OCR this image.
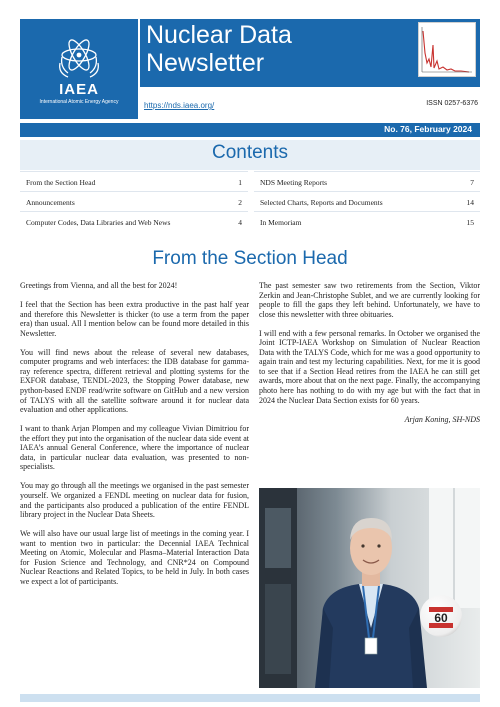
IAEA
International Atomic Energy Agency
Nuclear Data
Newsletter
https://nds.iaea.org/	ISSN 0257-6376
No. 76, February 2024
Contents
From the Section Head	1
Announcements	2
Computer Codes, Data Libraries and Web News	4
NDS Meeting Reports	7
Selected Charts, Reports and Documents	14
In Memoriam	15
From the Section Head

Greetings from Vienna, and all the best for 2024!

I feel that the Section has been extra productive in the past half year and therefore this Newsletter is thicker (to use a term from the paper era) than usual. All I mention below can be found more detailed in this Newsletter.

You will find news about the release of several new databases, computer programs and web interfaces: the IDB database for gamma-ray reference spectra, different retrieval and plotting systems for the EXFOR database, TENDL-2023, the Stopping Power database, new python-based ENDF read/write software on GitHub and a new version of TALYS with all the satellite software around it for nuclear data evaluation and other applications.

I want to thank Arjan Plompen and my colleague Vivian Dimitriou for the effort they put into the organisation of the nuclear data side event at IAEA’s annual General Conference, where the importance of nuclear data, in particular nuclear data evaluation, was presented to non-specialists.

You may go through all the meetings we organised in the past semester yourself. We organized a FENDL meeting on nuclear data for fusion, and the participants also produced a publication of the entire FENDL library project in the Nuclear Data Sheets.

We will also have our usual large list of meetings in the coming year. I want to mention two in particular: the Decennial IAEA Technical Meeting on Atomic, Molecular and Plasma–Material Interaction Data for Fusion Science and Technology, and CNR*24 on Compound Nuclear Reactions and Related Topics, to be held in July. In both cases we expect a lot of participants.

The past semester saw two retirements from the Section, Viktor Zerkin and Jean-Christophe Sublet, and we are currently looking for people to fill the gaps they left behind. Unfortunately, we have to close this newsletter with three obituaries.

I will end with a few personal remarks. In October we organised the Joint ICTP-IAEA Workshop on Simulation of Nuclear Reaction Data with the TALYS Code, which for me was a good opportunity to again train and test my lecturing capabilities. Next, for me it is good to see that if a Section Head retires from the IAEA he can still get awards, more about that on the next page. Finally, the accompanying photo here has nothing to do with my age but with the fact that in 2024 the Nuclear Data Section exists for 60 years.

Arjan Koning, SH-NDS

60
